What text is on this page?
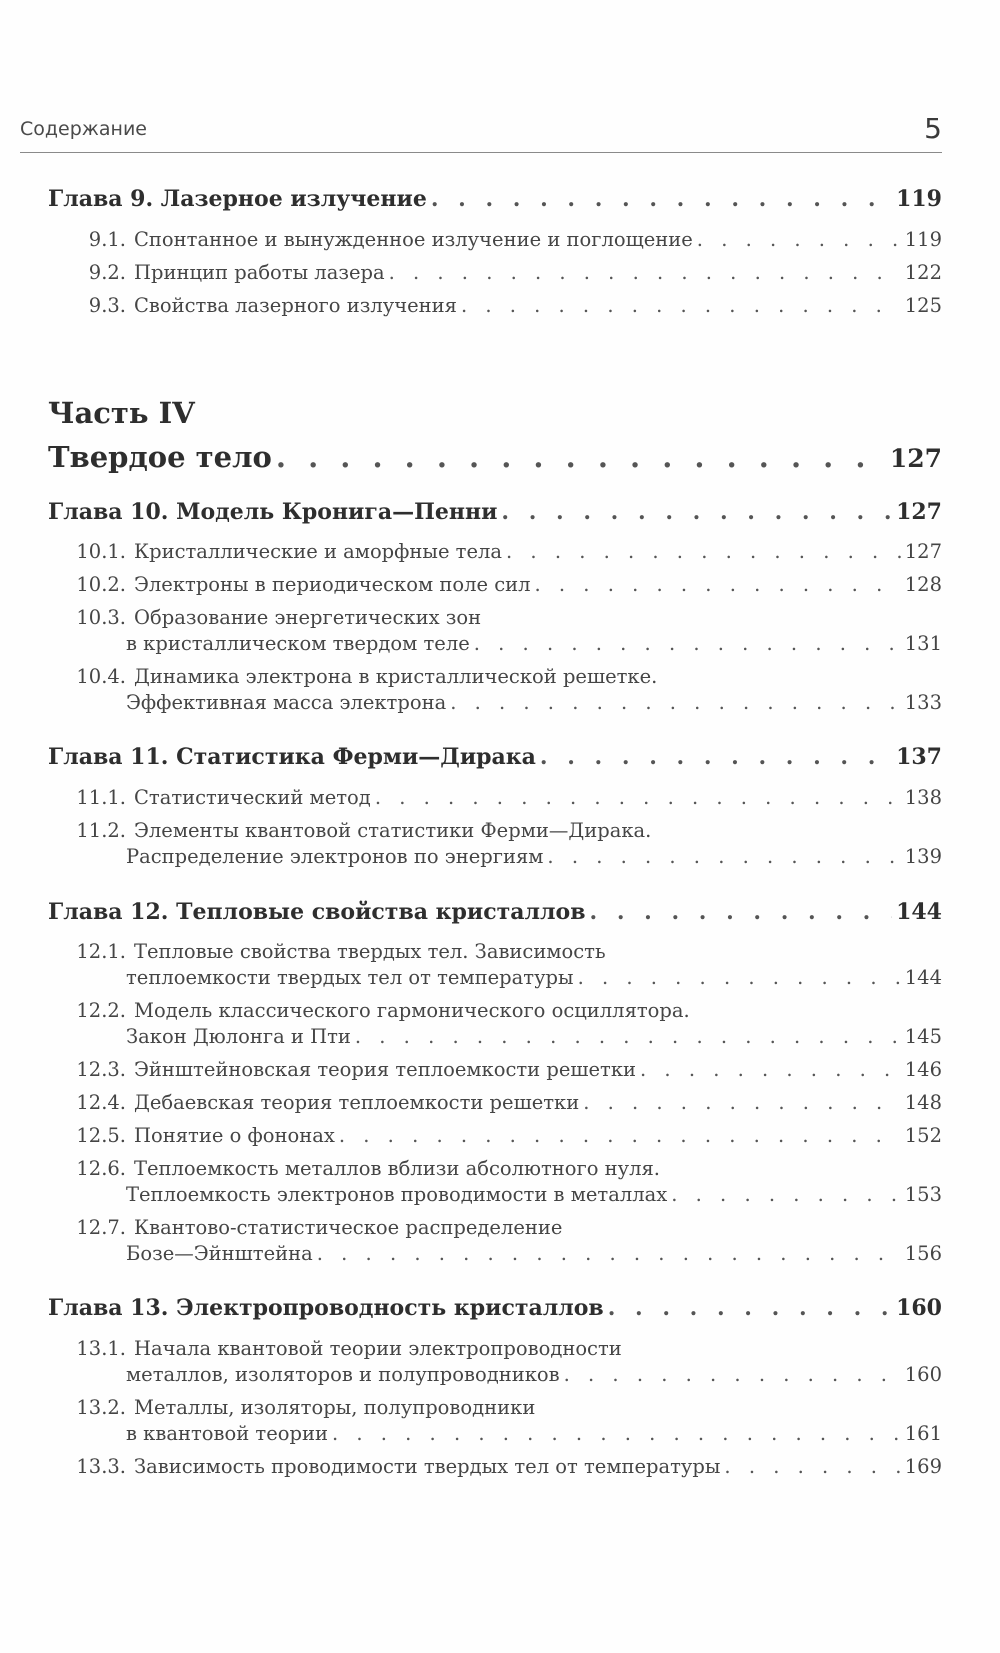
Содержание	5
Глава 9. Лазерное излучение . . .	119
9.1. Спонтанное и вынужденное излучение и поглощение . . .	119
9.2. Принцип работы лазера . . .	122
9.3. Свойства лазерного излучения . . .	125
Часть IV
Твердое тело . . .	127
Глава 10. Модель Кронига—Пенни . . .	127
10.1. Кристаллические и аморфные тела . . .	127
10.2. Электроны в периодическом поле сил . . .	128
10.3. Образование энергетических зон
в кристаллическом твердом теле . . .	131
10.4. Динамика электрона в кристаллической решетке.
Эффективная масса электрона . . .	133
Глава 11. Статистика Ферми—Дирака . . .	137
11.1. Статистический метод . . .	138
11.2. Элементы квантовой статистики Ферми—Дирака.
Распределение электронов по энергиям . . .	139
Глава 12. Тепловые свойства кристаллов . . .	144
12.1. Тепловые свойства твердых тел. Зависимость
теплоемкости твердых тел от температуры . . .	144
12.2. Модель классического гармонического осциллятора.
Закон Дюлонга и Пти . . .	145
12.3. Эйнштейновская теория теплоемкости решетки . . .	146
12.4. Дебаевская теория теплоемкости решетки . . .	148
12.5. Понятие о фононах . . .	152
12.6. Теплоемкость металлов вблизи абсолютного нуля.
Теплоемкость электронов проводимости в металлах . . .	153
12.7. Квантово-статистическое распределение
Бозе—Эйнштейна . . .	156
Глава 13. Электропроводность кристаллов . . .	160
13.1. Начала квантовой теории электропроводности
металлов, изоляторов и полупроводников . . .	160
13.2. Металлы, изоляторы, полупроводники
в квантовой теории . . .	161
13.3. Зависимость проводимости твердых тел от температуры . . .	169
